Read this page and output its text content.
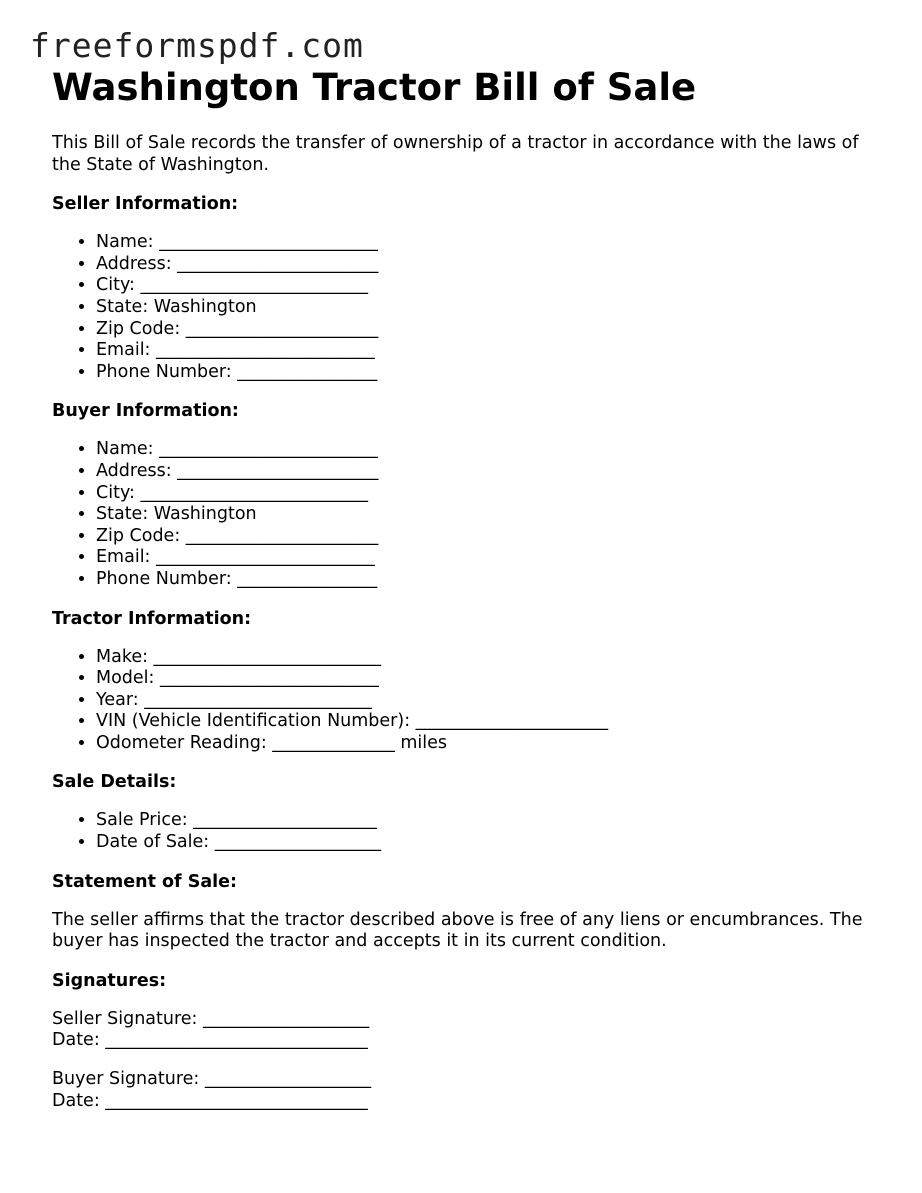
freeformspdf.com
Washington Tractor Bill of Sale

This Bill of Sale records the transfer of ownership of a tractor in accordance with the laws of the State of Washington.

Seller Information:
• Name: _________________________
• Address: _______________________
• City: __________________________
• State: Washington
• Zip Code: ______________________
• Email: _________________________
• Phone Number: ________________
Buyer Information:
• Name: _________________________
• Address: _______________________
• City: __________________________
• State: Washington
• Zip Code: ______________________
• Email: _________________________
• Phone Number: ________________
Tractor Information:
• Make: __________________________
• Model: _________________________
• Year: __________________________
• VIN (Vehicle Identification Number): ______________________
• Odometer Reading: ______________ miles
Sale Details:
• Sale Price: _____________________
• Date of Sale: ___________________
Statement of Sale:

The seller affirms that the tractor described above is free of any liens or encumbrances. The buyer has inspected the tractor and accepts it in its current condition.

Signatures:
Seller Signature: ___________________
Date: ______________________________
Buyer Signature: ___________________
Date: ______________________________
